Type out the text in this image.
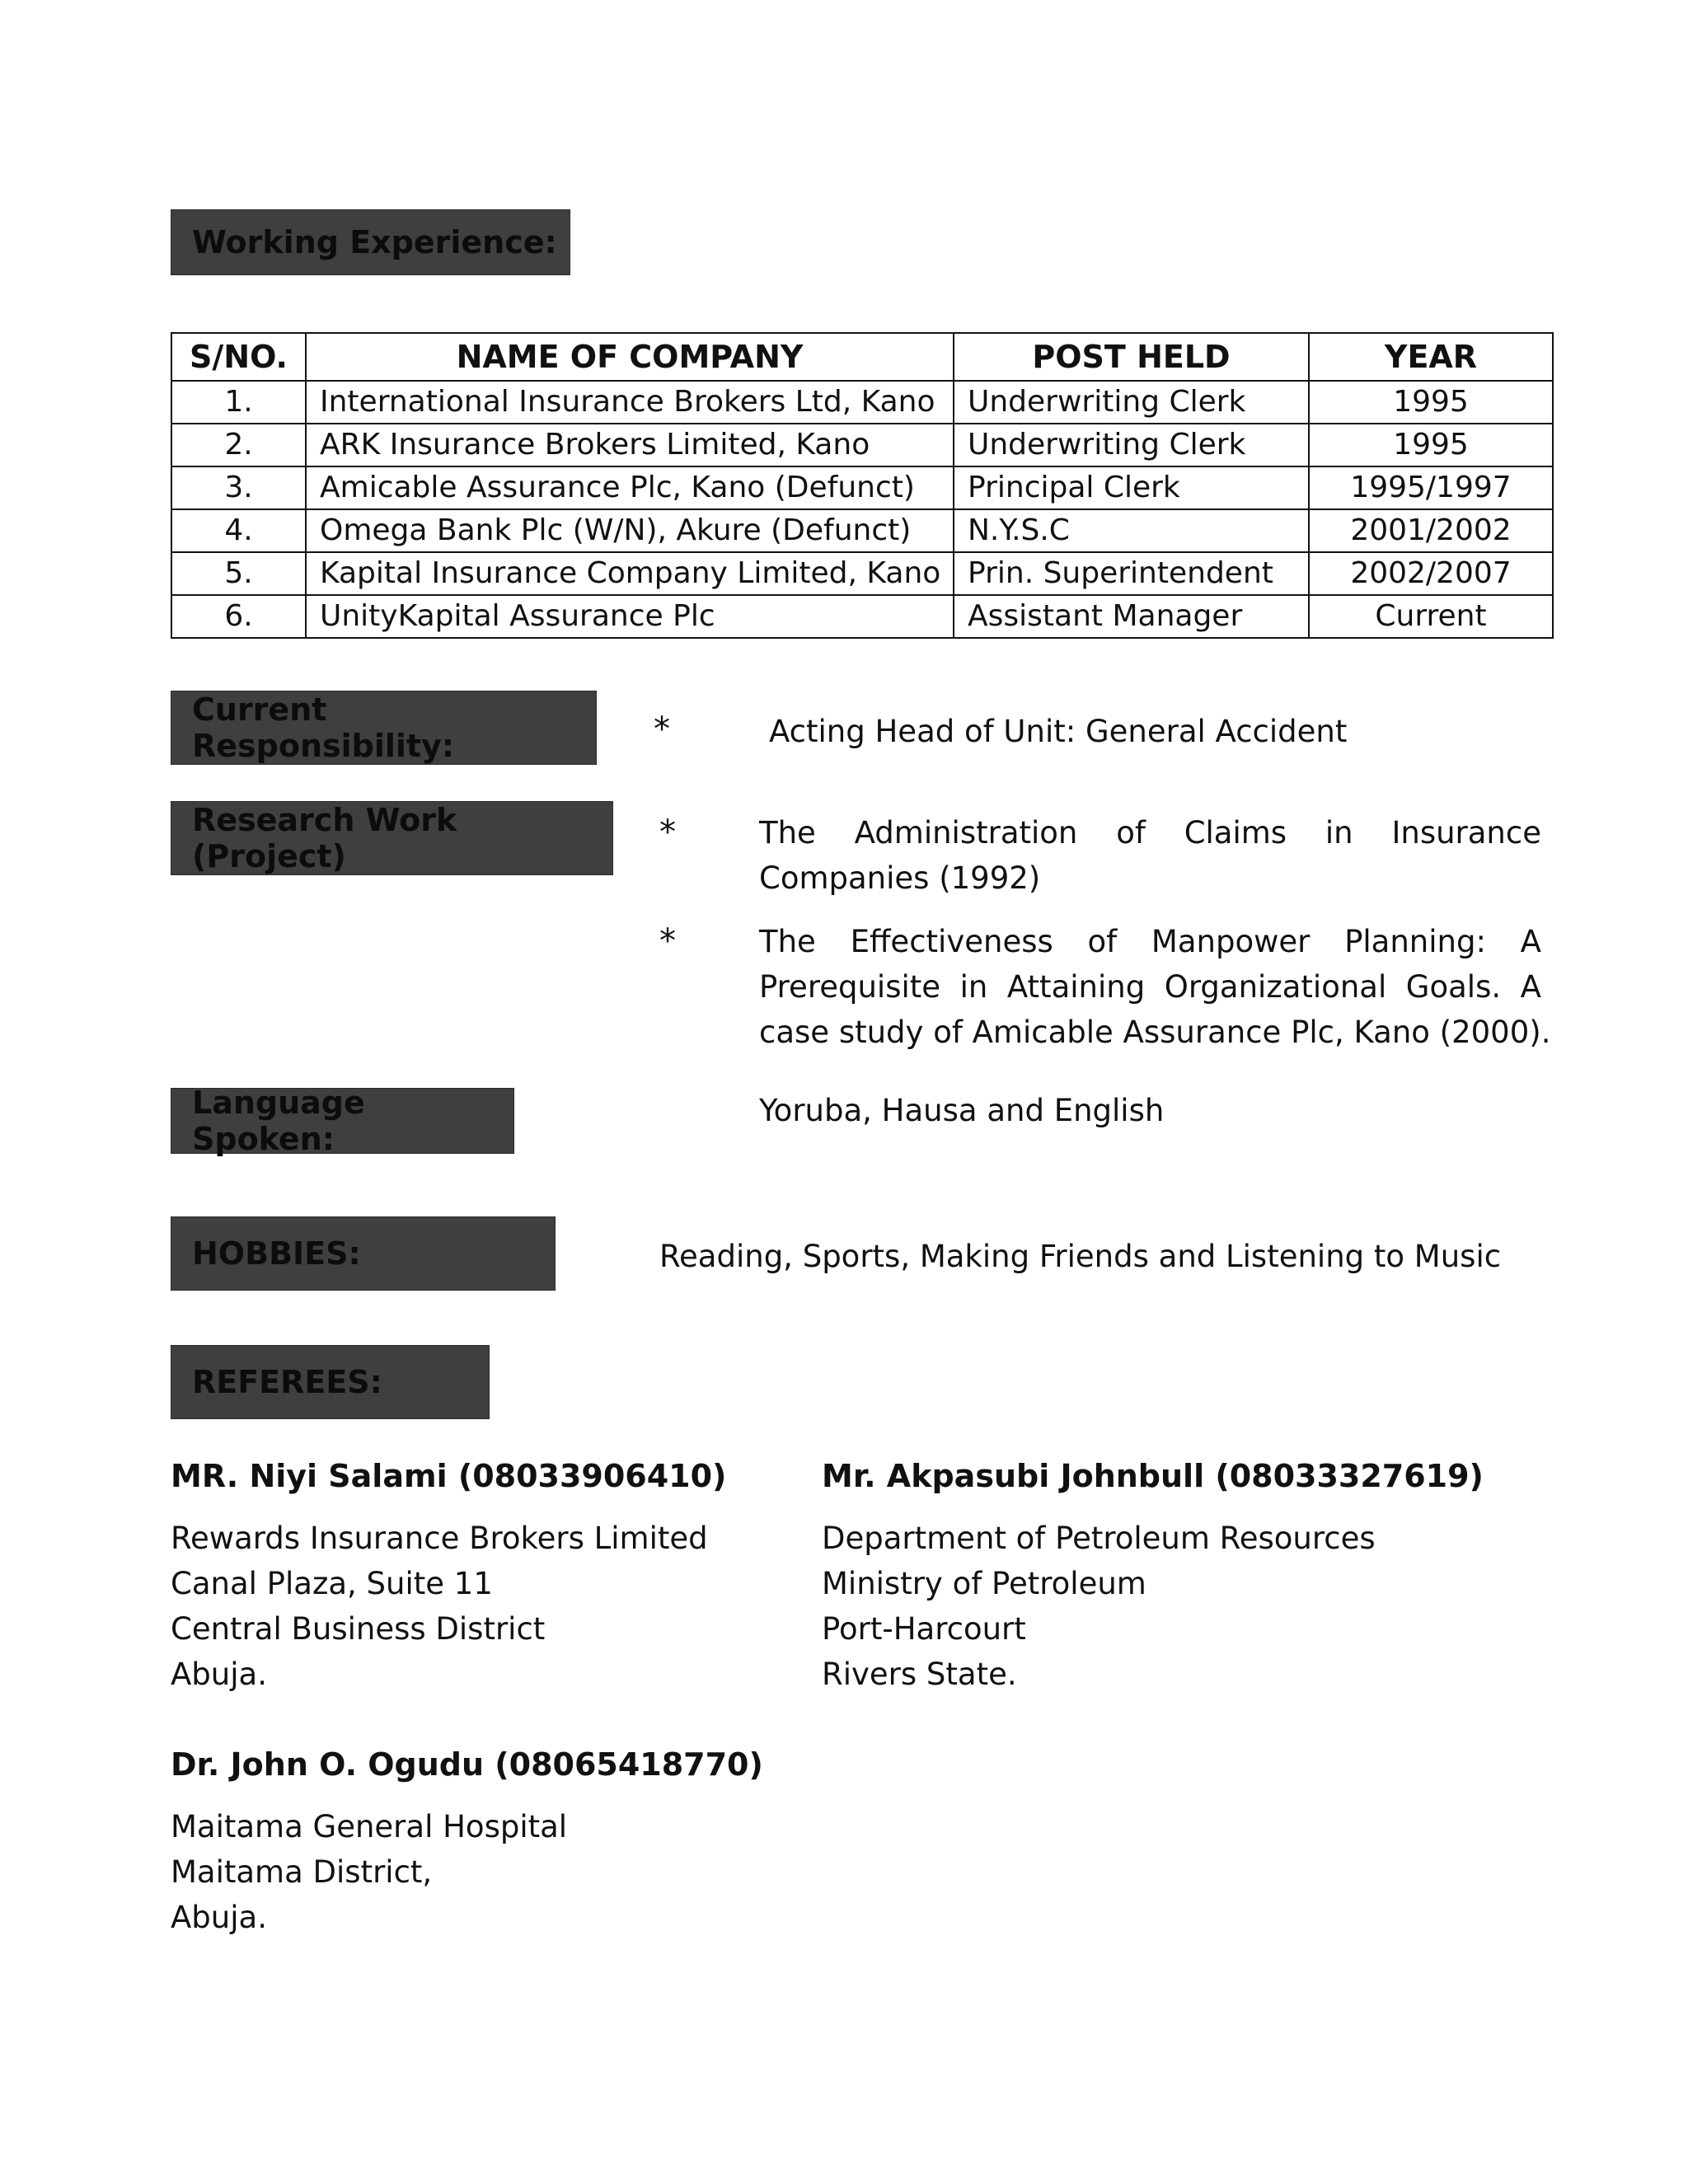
Working Experience:
S/NO.	NAME OF COMPANY	POST HELD	YEAR
1.	International Insurance Brokers Ltd, Kano	Underwriting Clerk	1995
2.	ARK Insurance Brokers Limited, Kano	Underwriting Clerk	1995
3.	Amicable Assurance Plc, Kano (Defunct)	Principal Clerk	1995/1997
4.	Omega Bank Plc (W/N), Akure (Defunct)	N.Y.S.C	2001/2002
5.	Kapital Insurance Company Limited, Kano	Prin. Superintendent	2002/2007
6.	UnityKapital Assurance Plc	Assistant Manager	Current
Current Responsibility:	*	Acting Head of Unit: General Accident
Research Work (Project)
*	The Administration of Claims in Insurance
Companies (1992)
*	The Effectiveness of Manpower Planning: A
Prerequisite in Attaining Organizational Goals. A
case study of Amicable Assurance Plc, Kano (2000).
Language Spoken:
Yoruba, Hausa and English
HOBBIES:	Reading, Sports, Making Friends and Listening to Music
REFEREES:
MR. Niyi Salami (08033906410)
Rewards Insurance Brokers Limited
Canal Plaza, Suite 11
Central Business District
Abuja.
Mr. Akpasubi Johnbull (08033327619)
Department of Petroleum Resources
Ministry of Petroleum
Port-Harcourt
Rivers State.
Dr. John O. Ogudu (08065418770)
Maitama General Hospital
Maitama District,
Abuja.
